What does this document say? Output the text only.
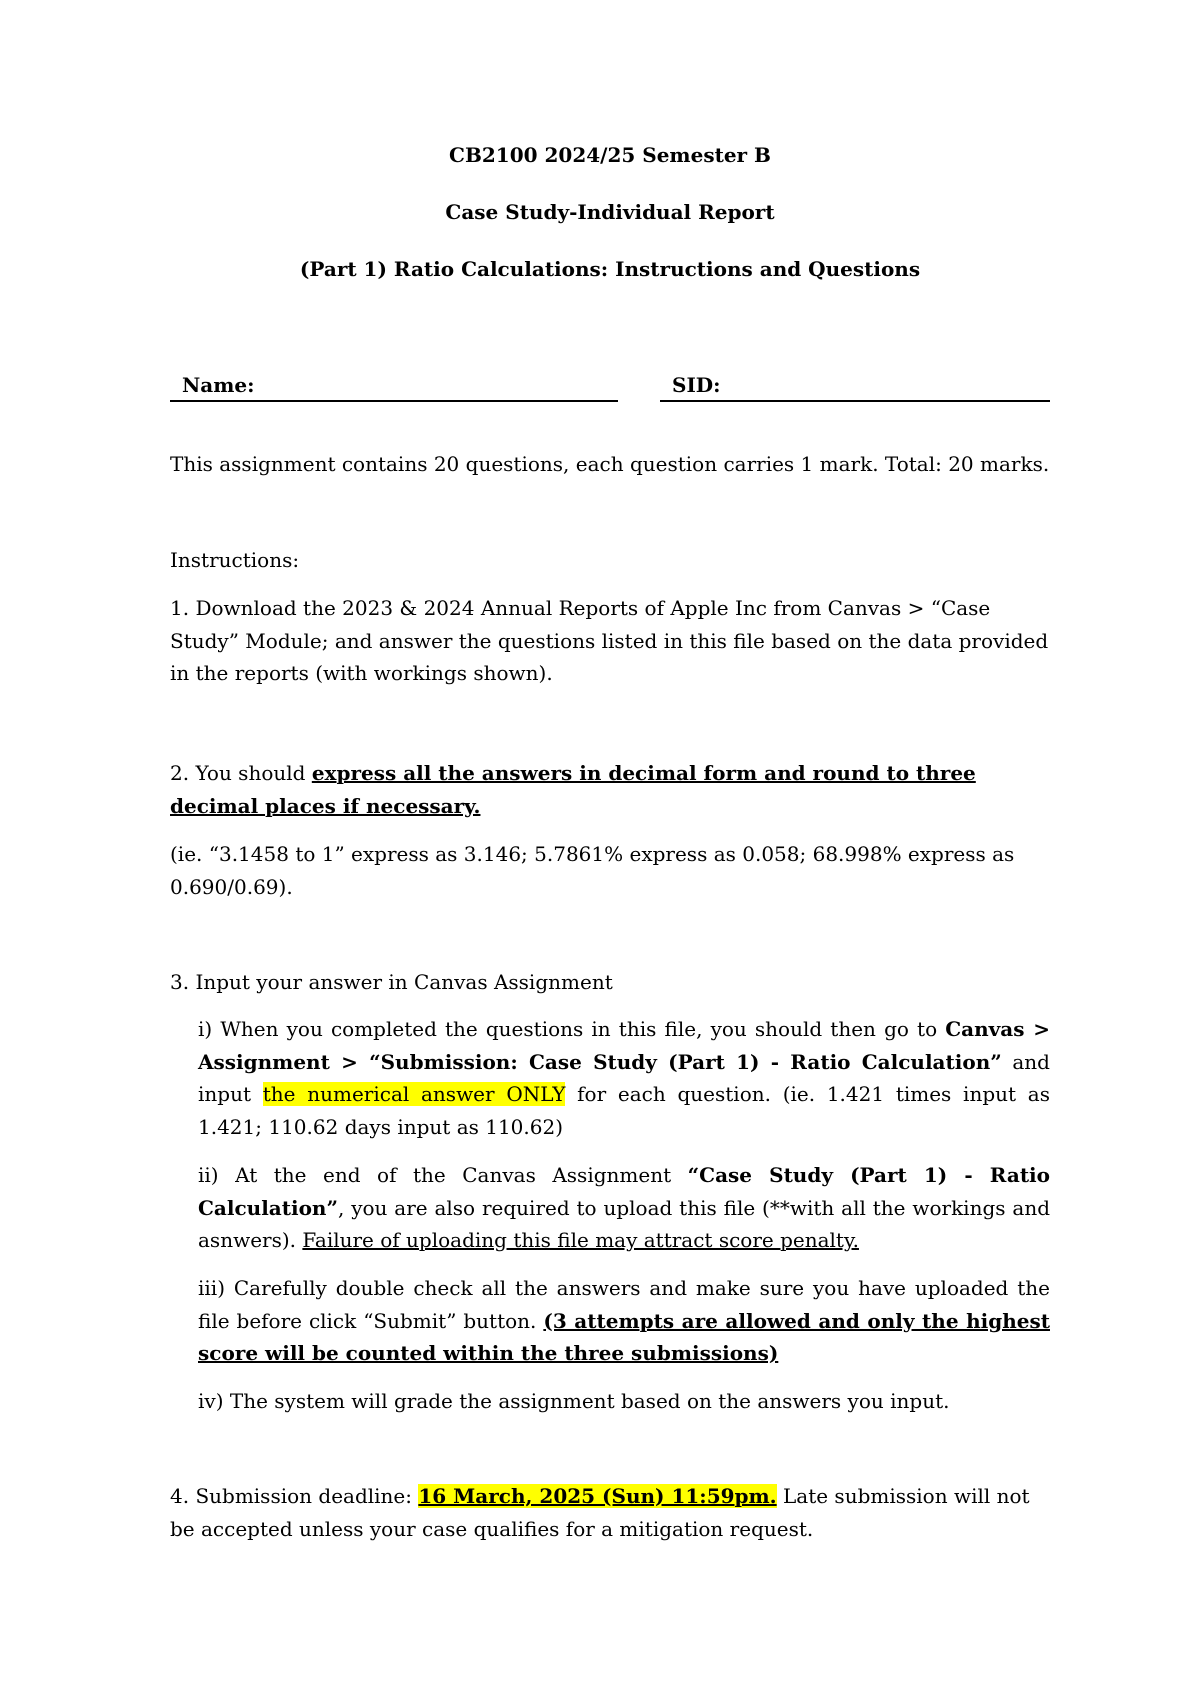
CB2100 2024/25 Semester B
Case Study-Individual Report
(Part 1) Ratio Calculations: Instructions and Questions
Name:	SID:

This assignment contains 20 questions, each question carries 1 mark. Total: 20 marks.

Instructions:

1. Download the 2023 & 2024 Annual Reports of Apple Inc from Canvas > “Case Study” Module; and answer the questions listed in this file based on the data provided in the reports (with workings shown).

2. You should express all the answers in decimal form and round to three decimal places if necessary.

(ie. “3.1458 to 1” express as 3.146; 5.7861% express as 0.058; 68.998% express as 0.690/0.69).

3. Input your answer in Canvas Assignment

i) When you completed the questions in this file, you should then go to Canvas > Assignment > “Submission: Case Study (Part 1) - Ratio Calculation” and input the numerical answer ONLY for each question. (ie. 1.421 times input as 1.421; 110.62 days input as 110.62)

ii) At the end of the Canvas Assignment “Case Study (Part 1) - Ratio Calculation”, you are also required to upload this file (**with all the workings and asnwers). Failure of uploading this file may attract score penalty.

iii) Carefully double check all the answers and make sure you have uploaded the file before click “Submit” button. (3 attempts are allowed and only the highest score will be counted within the three submissions)

iv) The system will grade the assignment based on the answers you input.

4. Submission deadline: 16 March, 2025 (Sun) 11:59pm. Late submission will not be accepted unless your case qualifies for a mitigation request.
